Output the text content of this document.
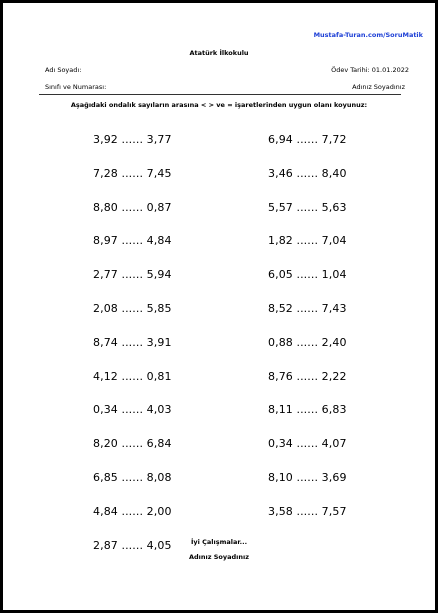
Mustafa-Turan.com/SoruMatik
Atatürk İlkokulu
Adı Soyadı:	Ödev Tarihi: 01.01.2022
Sınıfı ve Numarası:	Adınız Soyadınız
Aşağıdaki ondalık sayıların arasına < > ve = işaretlerinden uygun olanı koyunuz:
3,92 ...... 3,77
7,28 ...... 7,45
8,80 ...... 0,87
8,97 ...... 4,84
2,77 ...... 5,94
2,08 ...... 5,85
8,74 ...... 3,91
4,12 ...... 0,81
0,34 ...... 4,03
8,20 ...... 6,84
6,85 ...... 8,08
4,84 ...... 2,00
2,87 ...... 4,05
6,94 ...... 7,72
3,46 ...... 8,40
5,57 ...... 5,63
1,82 ...... 7,04
6,05 ...... 1,04
8,52 ...... 7,43
0,88 ...... 2,40
8,76 ...... 2,22
8,11 ...... 6,83
0,34 ...... 4,07
8,10 ...... 3,69
3,58 ...... 7,57
İyi Çalışmalar...
Adınız Soyadınız
